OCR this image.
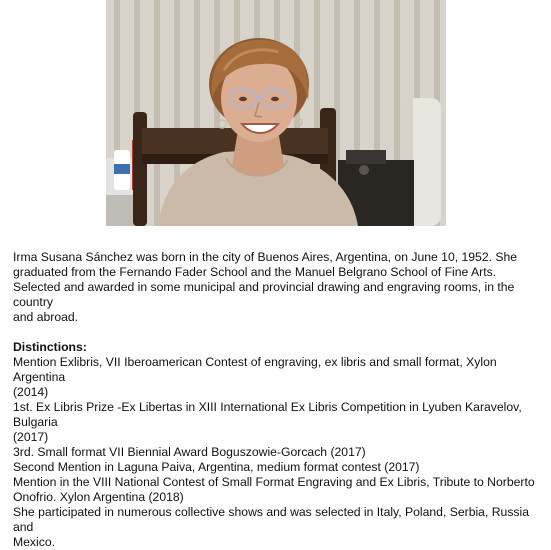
Irma Susana Sánchez was born in the city of Buenos Aires, Argentina, on June 10, 1952. She

graduated from the Fernando Fader School and the Manuel Belgrano School of Fine Arts.

Selected and awarded in some municipal and provincial drawing and engraving rooms, in the country

and abroad.

Distinctions:

Mention Exlibris, VII Iberoamerican Contest of engraving, ex libris and small format, Xylon Argentina

(2014)

1st. Ex Libris Prize -Ex Libertas in XIII International Ex Libris Competition in Lyuben Karavelov, Bulgaria

(2017)

3rd. Small format VII Biennial Award Boguszowie-Gorcach (2017)

Second Mention in Laguna Paiva, Argentina, medium format contest (2017)

Mention in the VIII National Contest of Small Format Engraving and Ex Libris, Tribute to Norberto

Onofrio. Xylon Argentina (2018)

She participated in numerous collective shows and was selected in Italy, Poland, Serbia, Russia and

Mexico.
